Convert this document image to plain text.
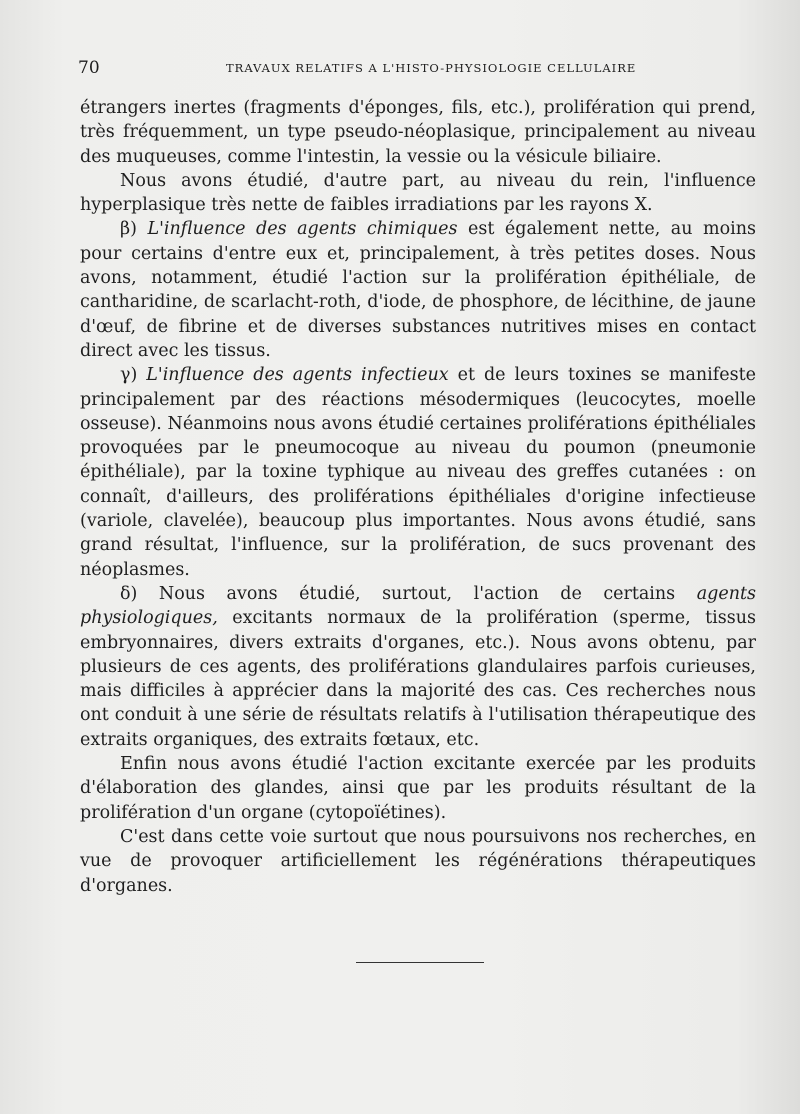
70	TRAVAUX RELATIFS A L'HISTO-PHYSIOLOGIE CELLULAIRE

étrangers inertes (fragments d'éponges, fils, etc.), prolifération qui prend, très fréquemment, un type pseudo-néoplasique, principalement au niveau des muqueuses, comme l'intestin, la vessie ou la vésicule biliaire.

Nous avons étudié, d'autre part, au niveau du rein, l'influence hyperplasique très nette de faibles irradiations par les rayons X.

β) L'influence des agents chimiques est également nette, au moins pour certains d'entre eux et, principalement, à très petites doses. Nous avons, notamment, étudié l'action sur la prolifération épithéliale, de cantharidine, de scarlacht-roth, d'iode, de phosphore, de lécithine, de jaune d'œuf, de fibrine et de diverses substances nutritives mises en contact direct avec les tissus.

γ) L'influence des agents infectieux et de leurs toxines se manifeste principalement par des réactions mésodermiques (leucocytes, moelle osseuse). Néanmoins nous avons étudié certaines proliférations épithéliales provoquées par le pneumocoque au niveau du poumon (pneumonie épithéliale), par la toxine typhique au niveau des greffes cutanées : on connaît, d'ailleurs, des proliférations épithéliales d'origine infectieuse (variole, clavelée), beaucoup plus importantes. Nous avons étudié, sans grand résultat, l'influence, sur la prolifération, de sucs provenant des néoplasmes.

δ) Nous avons étudié, surtout, l'action de certains agents physiologiques, excitants normaux de la prolifération (sperme, tissus embryonnaires, divers extraits d'organes, etc.). Nous avons obtenu, par plusieurs de ces agents, des proliférations glandulaires parfois curieuses, mais difficiles à apprécier dans la majorité des cas. Ces recherches nous ont conduit à une série de résultats relatifs à l'utilisation thérapeutique des extraits organiques, des extraits fœtaux, etc.

Enfin nous avons étudié l'action excitante exercée par les produits d'élaboration des glandes, ainsi que par les produits résultant de la prolifération d'un organe (cytopoïétines).

C'est dans cette voie surtout que nous poursuivons nos recherches, en vue de provoquer artificiellement les régénérations thérapeutiques d'organes.
